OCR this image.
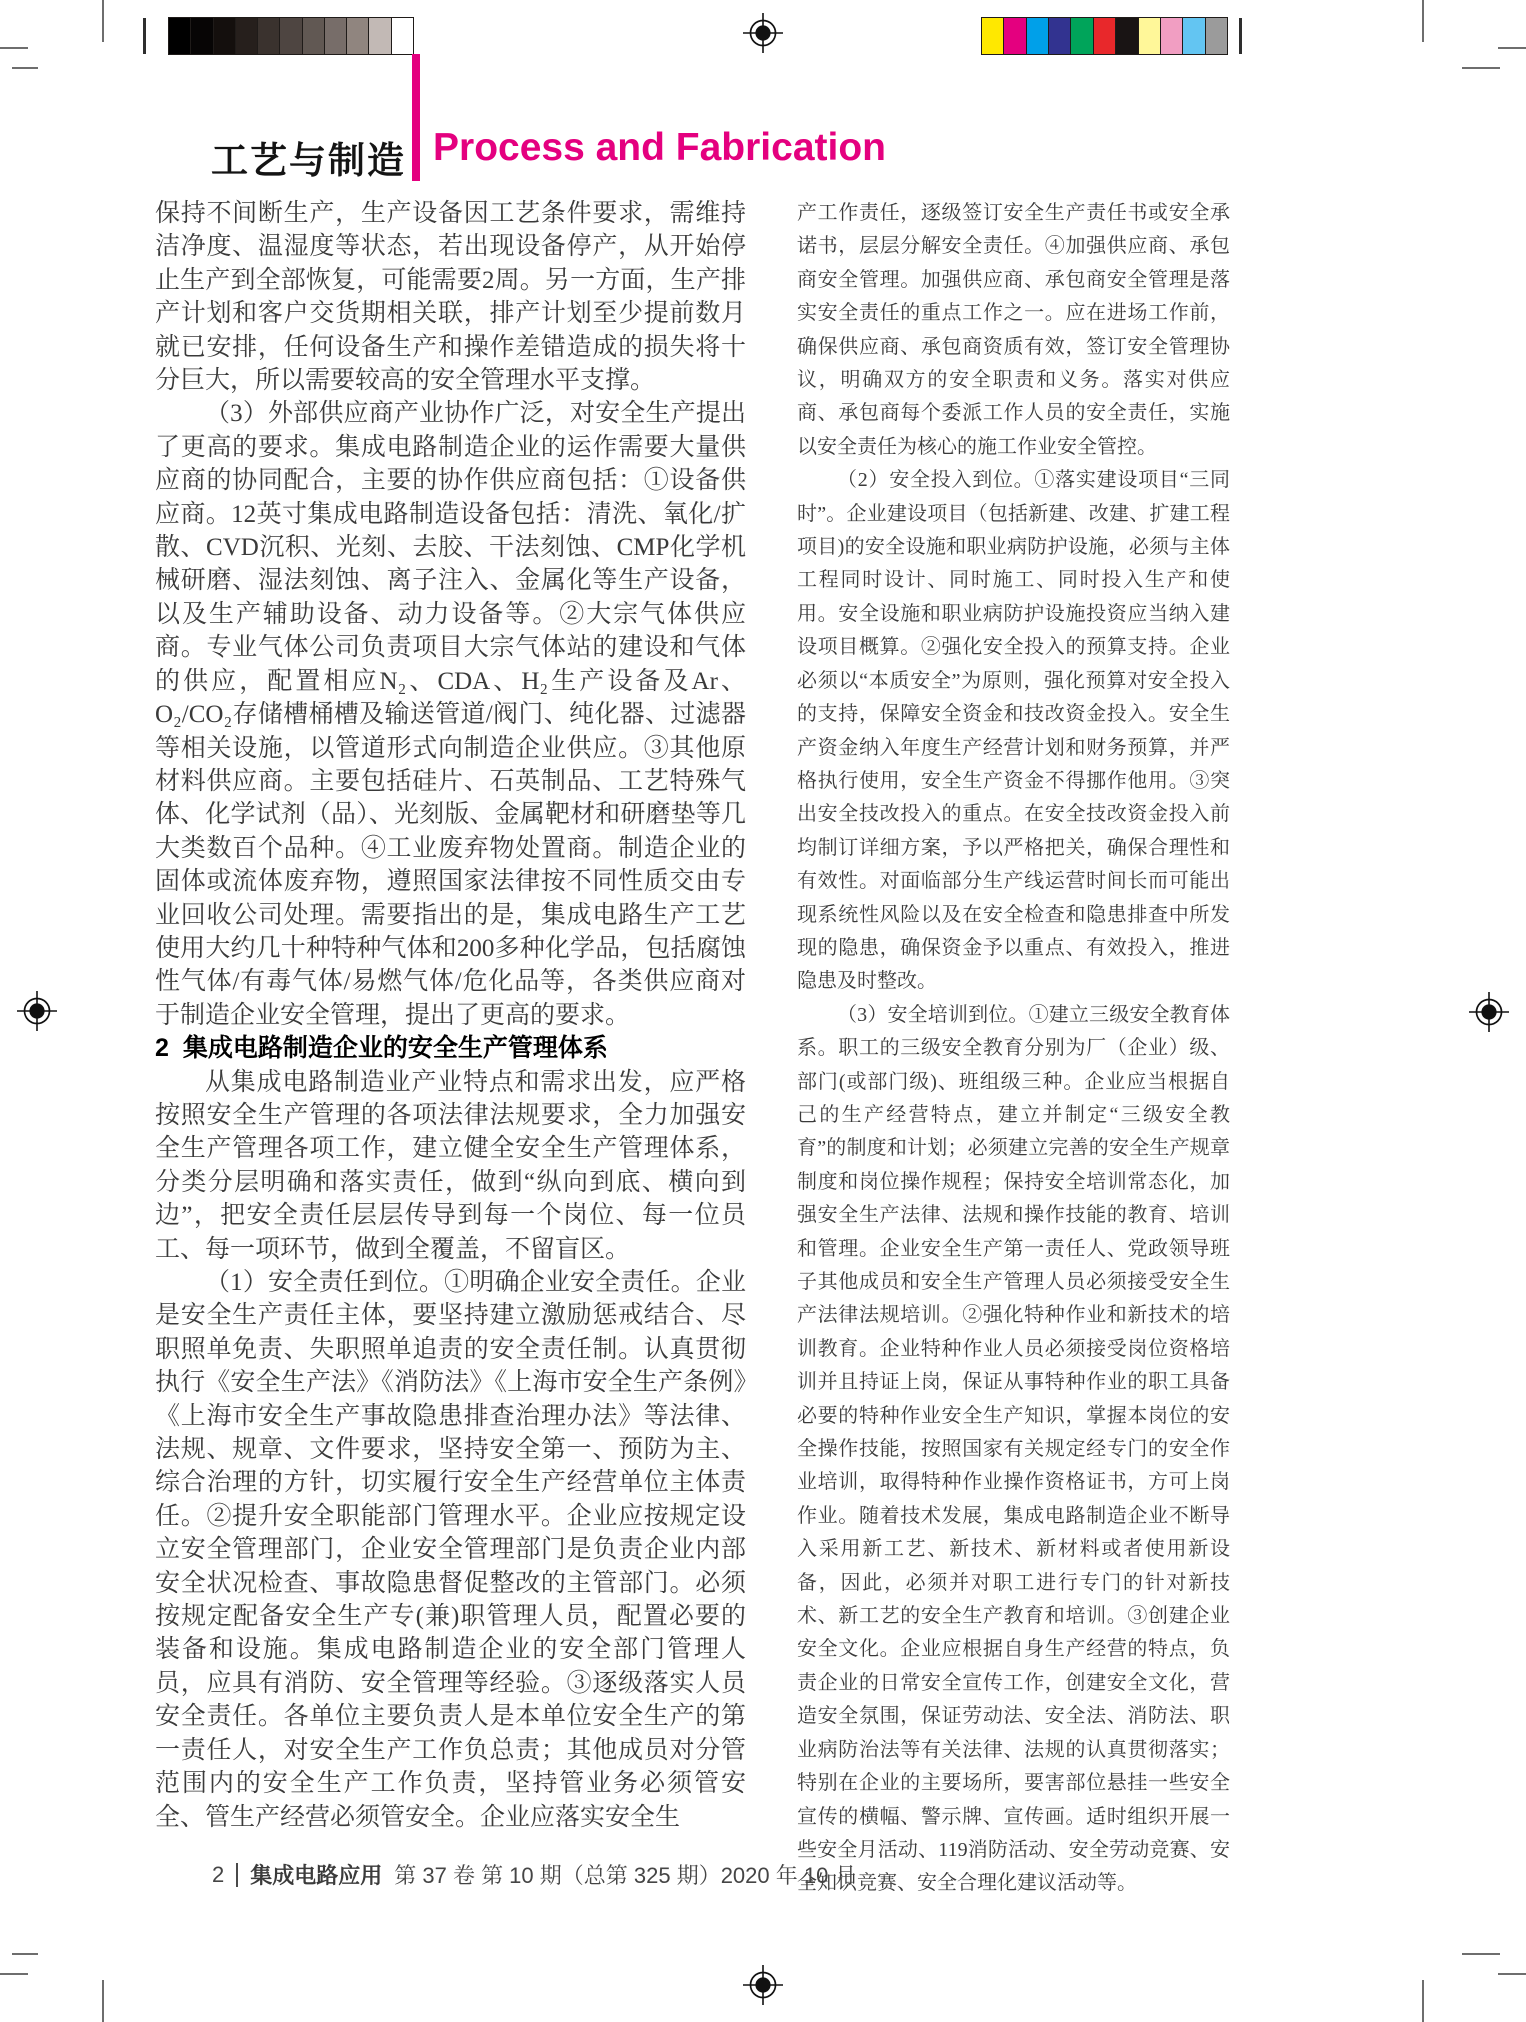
工艺与制造 Process and Fabrication

保持不间断生产，生产设备因工艺条件要求，需维持洁净度、温湿度等状态，若出现设备停产，从开始停止生产到全部恢复，可能需要2周。另一方面，生产排产计划和客户交货期相关联，排产计划至少提前数月就已安排，任何设备生产和操作差错造成的损失将十分巨大，所以需要较高的安全管理水平支撑。

（3）外部供应商产业协作广泛，对安全生产提出了更高的要求。集成电路制造企业的运作需要大量供应商的协同配合，主要的协作供应商包括：①设备供应商。12英寸集成电路制造设备包括：清洗、氧化/扩散、CVD沉积、光刻、去胶、干法刻蚀、CMP化学机械研磨、湿法刻蚀、离子注入、金属化等生产设备，以及生产辅助设备、动力设备等。②大宗气体供应商。专业气体公司负责项目大宗气体站的建设和气体的供应，配置相应N₂、CDA、H₂生产设备及Ar、O₂/CO₂存储槽桶槽及输送管道/阀门、纯化器、过滤器等相关设施，以管道形式向制造企业供应。③其他原材料供应商。主要包括硅片、石英制品、工艺特殊气体、化学试剂（品）、光刻版、金属靶材和研磨垫等几大类数百个品种。④工业废弃物处置商。制造企业的固体或流体废弃物，遵照国家法律按不同性质交由专业回收公司处理。需要指出的是，集成电路生产工艺使用大约几十种特种气体和200多种化学品，包括腐蚀性气体/有毒气体/易燃气体/危化品等，各类供应商对于制造企业安全管理，提出了更高的要求。

2 集成电路制造企业的安全生产管理体系

从集成电路制造业产业特点和需求出发，应严格按照安全生产管理的各项法律法规要求，全力加强安全生产管理各项工作，建立健全安全生产管理体系，分类分层明确和落实责任，做到“纵向到底、横向到边”，把安全责任层层传导到每一个岗位、每一位员工、每一项环节，做到全覆盖，不留盲区。

（1）安全责任到位。①明确企业安全责任。企业是安全生产责任主体，要坚持建立激励惩戒结合、尽职照单免责、失职照单追责的安全责任制。认真贯彻执行《安全生产法》《消防法》《上海市安全生产条例》《上海市安全生产事故隐患排查治理办法》等法律、法规、规章、文件要求，坚持安全第一、预防为主、综合治理的方针，切实履行安全生产经营单位主体责任。②提升安全职能部门管理水平。企业应按规定设立安全管理部门，企业安全管理部门是负责企业内部安全状况检查、事故隐患督促整改的主管部门。必须按规定配备安全生产专(兼)职管理人员，配置必要的装备和设施。集成电路制造企业的安全部门管理人员，应具有消防、安全管理等经验。③逐级落实人员安全责任。各单位主要负责人是本单位安全生产的第一责任人，对安全生产工作负总责；其他成员对分管范围内的安全生产工作负责，坚持管业务必须管安全、管生产经营必须管安全。企业应落实安全生

产工作责任，逐级签订安全生产责任书或安全承诺书，层层分解安全责任。④加强供应商、承包商安全管理。加强供应商、承包商安全管理是落实安全责任的重点工作之一。应在进场工作前，确保供应商、承包商资质有效，签订安全管理协议，明确双方的安全职责和义务。落实对供应商、承包商每个委派工作人员的安全责任，实施以安全责任为核心的施工作业安全管控。

（2）安全投入到位。①落实建设项目“三同时”。企业建设项目（包括新建、改建、扩建工程项目)的安全设施和职业病防护设施，必须与主体工程同时设计、同时施工、同时投入生产和使用。安全设施和职业病防护设施投资应当纳入建设项目概算。②强化安全投入的预算支持。企业必须以“本质安全”为原则，强化预算对安全投入的支持，保障安全资金和技改资金投入。安全生产资金纳入年度生产经营计划和财务预算，并严格执行使用，安全生产资金不得挪作他用。③突出安全技改投入的重点。在安全技改资金投入前均制订详细方案，予以严格把关，确保合理性和有效性。对面临部分生产线运营时间长而可能出现系统性风险以及在安全检查和隐患排查中所发现的隐患，确保资金予以重点、有效投入，推进隐患及时整改。

（3）安全培训到位。①建立三级安全教育体系。职工的三级安全教育分别为厂（企业）级、部门(或部门级)、班组级三种。企业应当根据自己的生产经营特点，建立并制定“三级安全教育”的制度和计划；必须建立完善的安全生产规章制度和岗位操作规程；保持安全培训常态化，加强安全生产法律、法规和操作技能的教育、培训和管理。企业安全生产第一责任人、党政领导班子其他成员和安全生产管理人员必须接受安全生产法律法规培训。②强化特种作业和新技术的培训教育。企业特种作业人员必须接受岗位资格培训并且持证上岗，保证从事特种作业的职工具备必要的特种作业安全生产知识，掌握本岗位的安全操作技能，按照国家有关规定经专门的安全作业培训，取得特种作业操作资格证书，方可上岗作业。随着技术发展，集成电路制造企业不断导入采用新工艺、新技术、新材料或者使用新设备，因此，必须并对职工进行专门的针对新技术、新工艺的安全生产教育和培训。③创建企业安全文化。企业应根据自身生产经营的特点，负责企业的日常安全宣传工作，创建安全文化，营造安全氛围，保证劳动法、安全法、消防法、职业病防治法等有关法律、法规的认真贯彻落实；特别在企业的主要场所，要害部位悬挂一些安全宣传的横幅、警示牌、宣传画。适时组织开展一些安全月活动、119消防活动、安全劳动竞赛、安全知识竞赛、安全合理化建议活动等。

2 集成电路应用 第 37 卷 第 10 期（总第 325 期）2020 年 10 月
